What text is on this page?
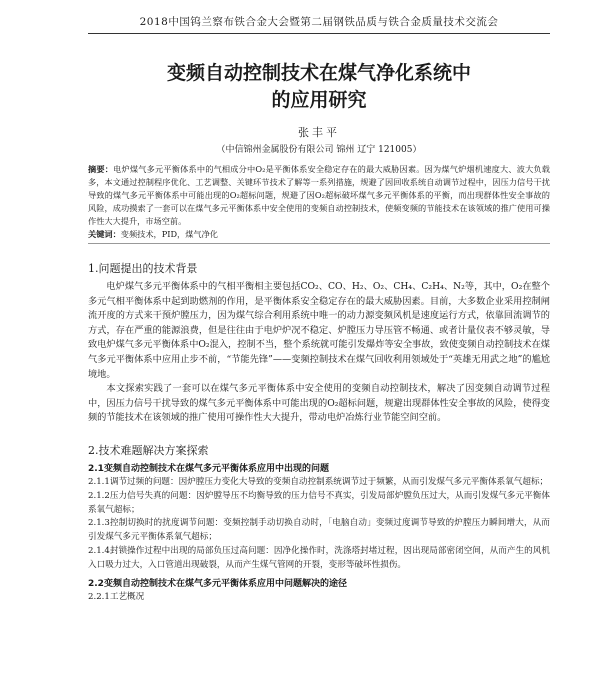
2018中国钨兰察布铁合金大会暨第二届钢铁品质与铁合金质量技术交流会
变频自动控制技术在煤气净化系统中
的应用研究
张丰平
（中信锦州金属股份有限公司 锦州 辽宁 121005）
摘要：电炉煤气多元平衡体系中的气相成分中O₂是平衡体系安全稳定存在的最大威胁因素。因为煤气炉烟机速度大、波大负载多，本文通过控制程序优化、工艺调整、关键环节技术了解等一系列措施，规避了因回收系统自动调节过程中，因压力信号干扰导致的煤气多元平衡体系中可能出现的O₂超标问题，规避了因O₂超标破坏煤气多元平衡体系的平衡，而出现群体性安全事故的风险，成功摸索了一套可以在煤气多元平衡体系中安全使用的变频自动控制技术，使频变频的节能技术在该领域的推广使用可操作性大大提升，市场空前。
关键词：变频技术，PID，煤气净化
1.问题提出的技术背景

电炉煤气多元平衡体系中的气相平衡相主要包括CO₂、CO、H₂、O₂、CH₄、C₂H₄、N₂等，其中，O₂在整个多元气相平衡体系中起到助燃剂的作用，是平衡体系安全稳定存在的最大威胁因素。目前，大多数企业采用控制闸流开度的方式来干预炉膛压力，因为煤气综合利用系统中唯一的动力源变频风机是速度运行方式，依靠回流调节的方式，存在严重的能源浪费，但是往往由于电炉炉况不稳定、炉膛压力导压管不畅通、或者计量仪表不够灵敏，导致电炉煤气多元平衡体系中O₂混入，控制不当，整个系统就可能引发爆炸等安全事故，致使变频自动控制技术在煤气多元平衡体系中应用止步不前，“节能先锋”——变频控制技术在煤气回收利用领域处于“英雄无用武之地”的尴尬境地。

本文探索实践了一套可以在煤气多元平衡体系中安全使用的变频自动控制技术，解决了因变频自动调节过程中，因压力信号干扰导致的煤气多元平衡体系中可能出现的O₂超标问题，规避出现群体性安全事故的风险，使得变频的节能技术在该领域的推广使用可操作性大大提升，带动电炉冶炼行业节能空间空前。

2.技术难题解决方案探索
2.1变频自动控制技术在煤气多元平衡体系应用中出现的问题
2.1.1调节过频的问题：因炉膛压力变化大导致的变频自动控制系统调节过于频繁，从而引发煤气多元平衡体系氧气超标；
2.1.2压力信号失真的问题：因炉膛导压不均衡导致的压力信号不真实，引发局部炉膛负压过大，从而引发煤气多元平衡体系氧气超标；
2.1.3控制切换时的扰度调节问题：变频控制手动切换自动时，「电脑自动」变频过度调节导致的炉膛压力瞬间增大，从而引发煤气多元平衡体系氧气超标；
2.1.4封锁操作过程中出现的局部负压过高问题：因净化操作时，洗涤塔封堵过程，因出现局部密闭空间，从而产生的风机入口吸力过大，入口管道出现破裂，从而产生煤气管网的开裂，变形等破坏性损伤。
2.2变频自动控制技术在煤气多元平衡体系应用中问题解决的途径
2.2.1工艺概况
